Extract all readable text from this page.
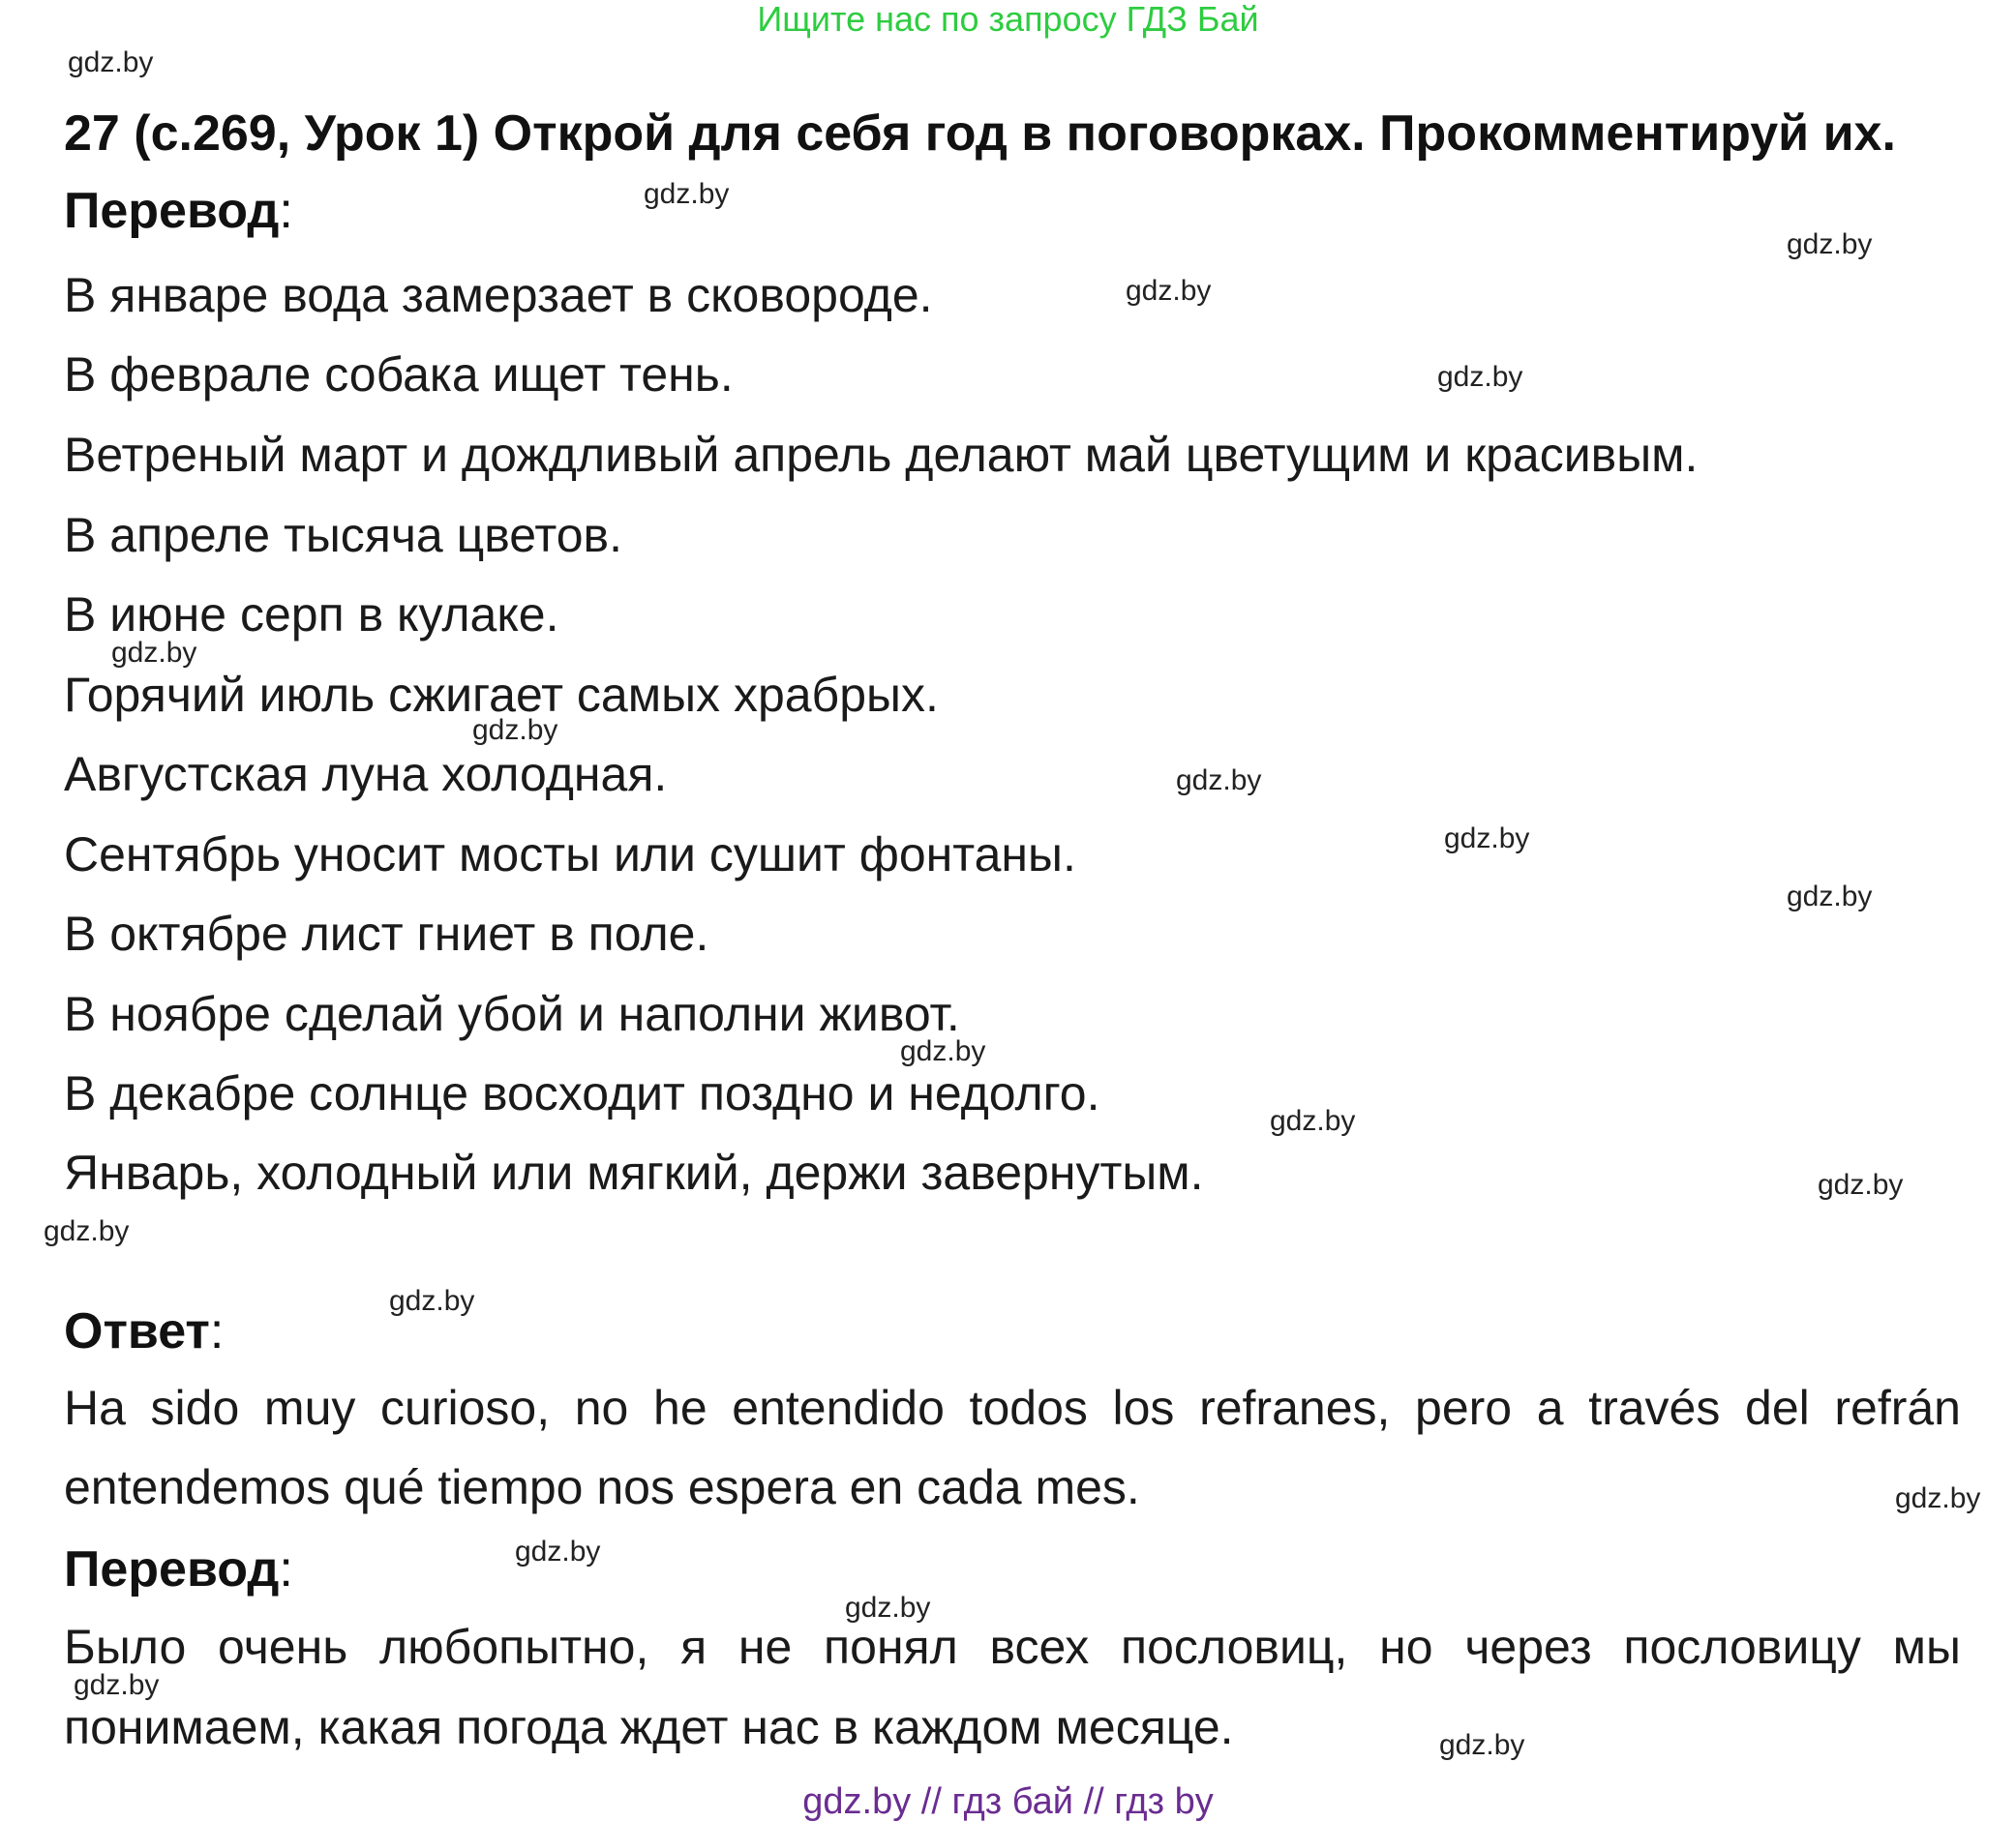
Ищите нас по запросу ГДЗ Бай
27 (с.269, Урок 1) Открой для себя год в поговорках. Прокомментируй их.
Перевод:
В январе вода замерзает в сковороде.
В феврале собака ищет тень.
Ветреный март и дождливый апрель делают май цветущим и красивым.
В апреле тысяча цветов.
В июне серп в кулаке.
Горячий июль сжигает самых храбрых.
Августская луна холодная.
Сентябрь уносит мосты или сушит фонтаны.
В октябре лист гниет в поле.
В ноябре сделай убой и наполни живот.
В декабре солнце восходит поздно и недолго.
Январь, холодный или мягкий, держи завернутым.
Ответ:
Ha sido muy curioso, no he entendido todos los refranes, pero a través del refrán
entendemos qué tiempo nos espera en cada mes.
Перевод:
Было очень любопытно, я не понял всех пословиц, но через пословицу мы
понимаем, какая погода ждет нас в каждом месяце.
gdz.by
gdz.by
gdz.by
gdz.by
gdz.by
gdz.by
gdz.by
gdz.by
gdz.by
gdz.by
gdz.by
gdz.by
gdz.by
gdz.by
gdz.by
gdz.by
gdz.by
gdz.by
gdz.by
gdz.by
gdz.by // гдз бай // гдз by
